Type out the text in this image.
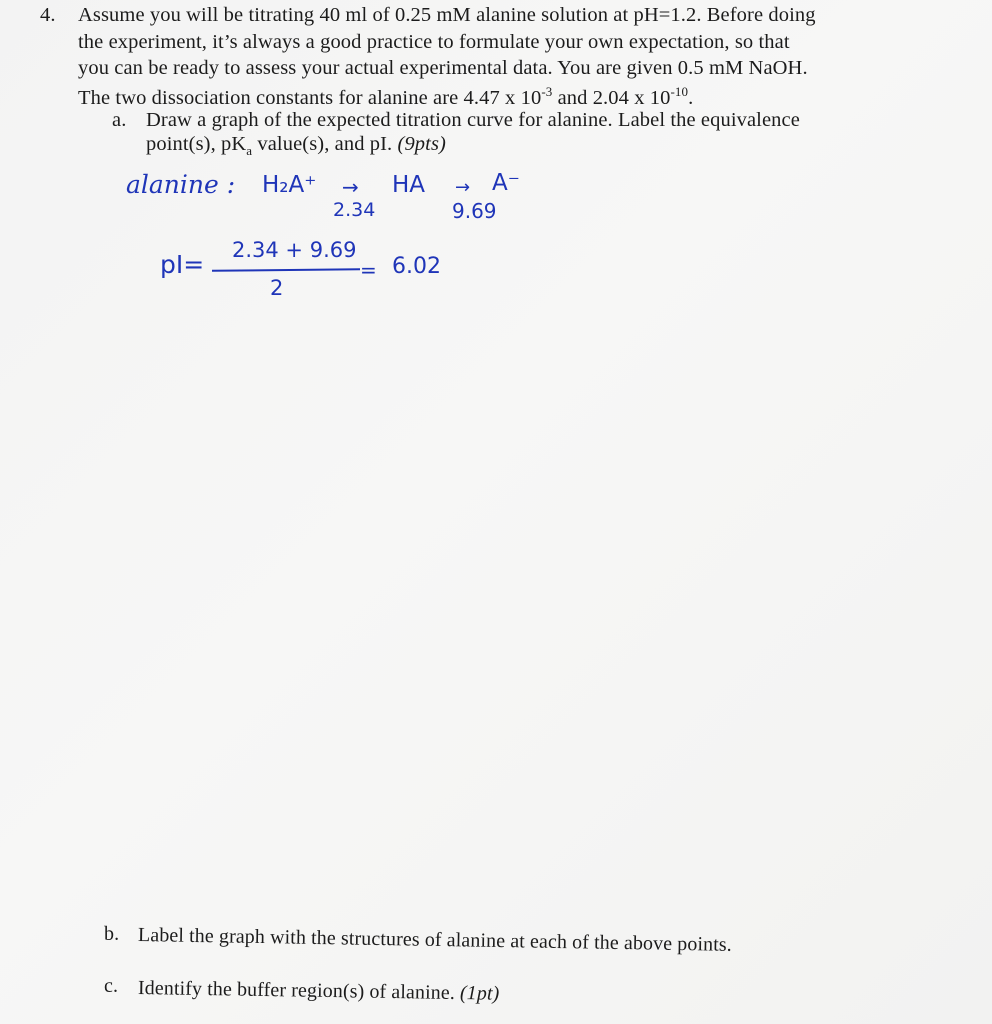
4. Assume you will be titrating 40 ml of 0.25 mM alanine solution at pH=1.2. Before doing
the experiment, it’s always a good practice to formulate your own expectation, so that
you can be ready to assess your actual experimental data. You are given 0.5 mM NaOH.
The two dissociation constants for alanine are 4.47 x $10^{-3}$ and 2.04 x $10^{-10}$.
a. Draw a graph of the expected titration curve for alanine. Label the equivalence
point(s), $pK_a$ value(s), and pI. (9pts)
alanine : H₂A⁺ → HA → A⁻
2.34	9.69
pI= 2.34 + 9.69
2
= 6.02
b. Label the graph with the structures of alanine at each of the above points.
c. Identify the buffer region(s) of alanine. (1pt)
